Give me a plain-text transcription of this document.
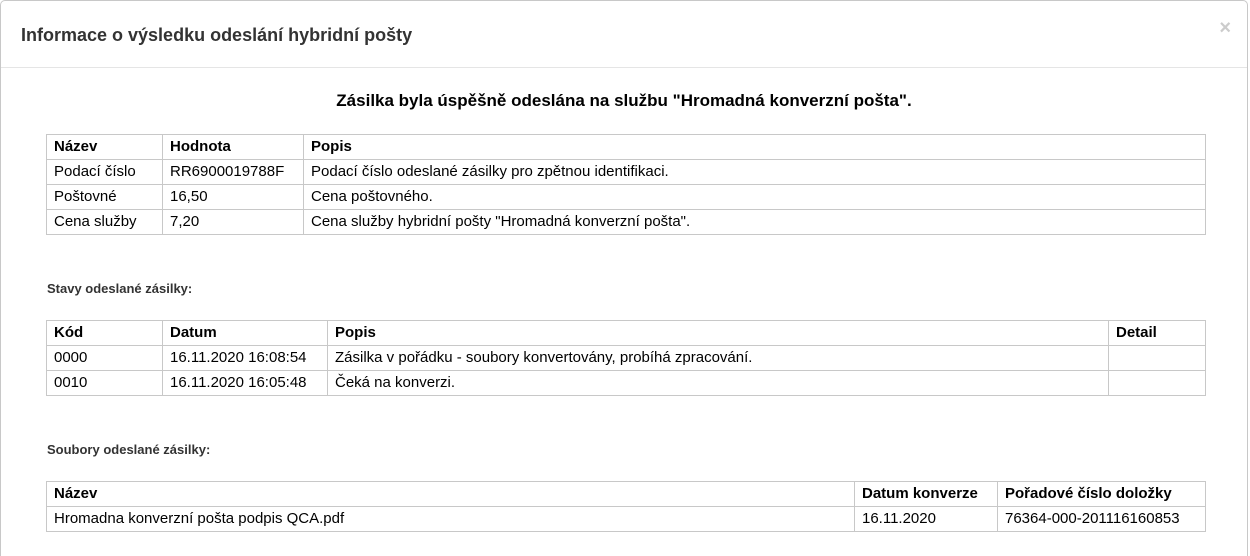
Informace o výsledku odeslání hybridní pošty	×

Zásilka byla úspěšně odeslána na službu "Hromadná konverzní pošta".

Název	Hodnota	Popis
Podací číslo	RR6900019788F	Podací číslo odeslané zásilky pro zpětnou identifikaci.
Poštovné	16,50	Cena poštovného.
Cena služby	7,20	Cena služby hybridní pošty "Hromadná konverzní pošta".

Stavy odeslané zásilky:

Kód	Datum	Popis	Detail
0000	16.11.2020 16:08:54	Zásilka v pořádku - soubory konvertovány, probíhá zpracování.	
0010	16.11.2020 16:05:48	Čeká na konverzi.	

Soubory odeslané zásilky:

Název	Datum konverze	Pořadové číslo doložky
Hromadna konverzní pošta podpis QCA.pdf	16.11.2020	76364-000-201116160853
